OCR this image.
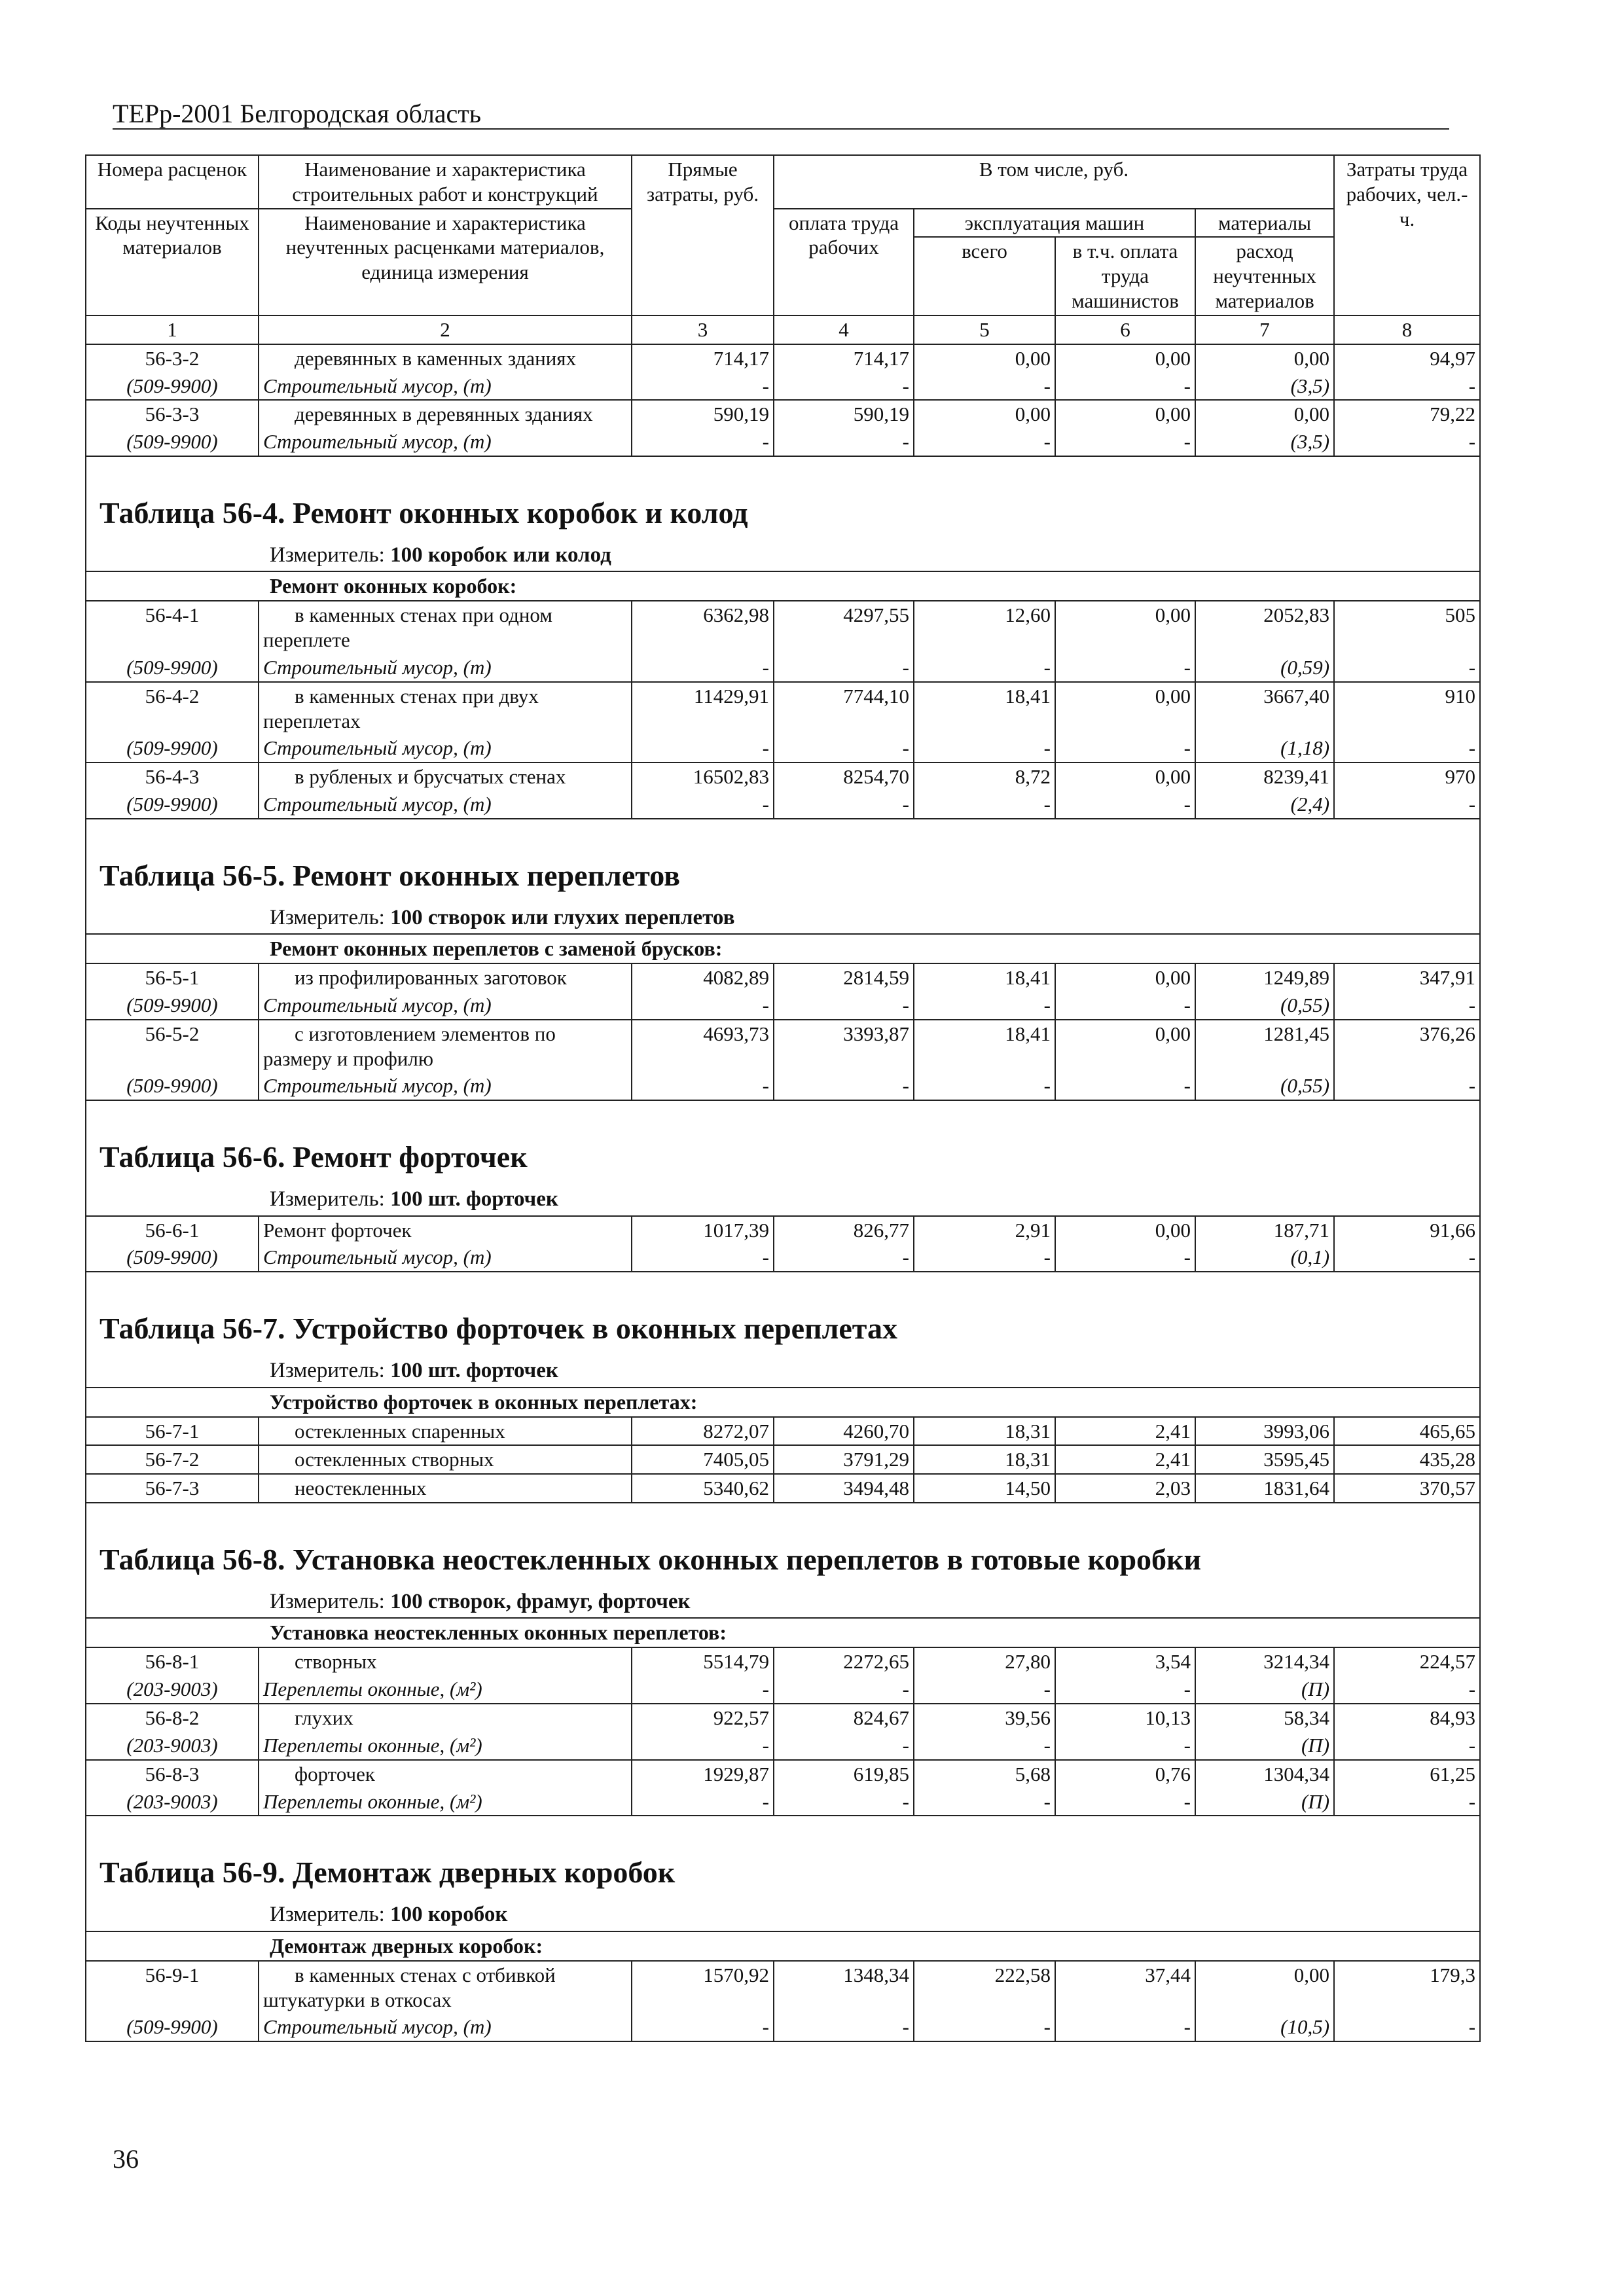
ТЕРр-2001 Белгородская область
Номера расценок	Наименование и характеристика строительных работ и конструкций	Прямые затраты, руб.	В том числе, руб.				Затраты труда рабочих, чел.-ч.
Коды неучтенных материалов	Наименование и характеристика неучтенных расценками материалов, единица измерения		оплата труда рабочих	эксплуатация машин		материалы	
				всего	в т.ч. оплата труда машинистов	расход неучтенных материалов	
1	2	3	4	5	6	7	8
56-3-2	деревянных в каменных зданиях	714,17	714,17	0,00	0,00	0,00	94,97
(509-9900)	Строительный мусор, (т)	-	-	-	-	(3,5)	-
56-3-3	деревянных в деревянных зданиях	590,19	590,19	0,00	0,00	0,00	79,22
(509-9900)	Строительный мусор, (т)	-	-	-	-	(3,5)	-
Таблица 56-4. Ремонт оконных коробок и колод							
Измеритель: 100 коробок или колод							
Ремонт оконных коробок:							
56-4-1	в каменных стенах при одном переплете	6362,98	4297,55	12,60	0,00	2052,83	505
(509-9900)	Строительный мусор, (т)	-	-	-	-	(0,59)	-
56-4-2	в каменных стенах при двух переплетах	11429,91	7744,10	18,41	0,00	3667,40	910
(509-9900)	Строительный мусор, (т)	-	-	-	-	(1,18)	-
56-4-3	в рубленых и брусчатых стенах	16502,83	8254,70	8,72	0,00	8239,41	970
(509-9900)	Строительный мусор, (т)	-	-	-	-	(2,4)	-
Таблица 56-5. Ремонт оконных переплетов							
Измеритель: 100 створок или глухих переплетов							
Ремонт оконных переплетов с заменой брусков:							
56-5-1	из профилированных заготовок	4082,89	2814,59	18,41	0,00	1249,89	347,91
(509-9900)	Строительный мусор, (т)	-	-	-	-	(0,55)	-
56-5-2	с изготовлением элементов по размеру и профилю	4693,73	3393,87	18,41	0,00	1281,45	376,26
(509-9900)	Строительный мусор, (т)	-	-	-	-	(0,55)	-
Таблица 56-6. Ремонт форточек							
Измеритель: 100 шт. форточек							
56-6-1	Ремонт форточек	1017,39	826,77	2,91	0,00	187,71	91,66
(509-9900)	Строительный мусор, (т)	-	-	-	-	(0,1)	-
Таблица 56-7. Устройство форточек в оконных переплетах							
Измеритель: 100 шт. форточек							
Устройство форточек в оконных переплетах:							
56-7-1	остекленных спаренных	8272,07	4260,70	18,31	2,41	3993,06	465,65
56-7-2	остекленных створных	7405,05	3791,29	18,31	2,41	3595,45	435,28
56-7-3	неостекленных	5340,62	3494,48	14,50	2,03	1831,64	370,57
Таблица 56-8. Установка неостекленных оконных переплетов в готовые коробки							
Измеритель: 100 створок, фрамуг, форточек							
Установка неостекленных оконных переплетов:							
56-8-1	створных	5514,79	2272,65	27,80	3,54	3214,34	224,57
(203-9003)	Переплеты оконные, (м²)	-	-	-	-	(П)	-
56-8-2	глухих	922,57	824,67	39,56	10,13	58,34	84,93
(203-9003)	Переплеты оконные, (м²)	-	-	-	-	(П)	-
56-8-3	форточек	1929,87	619,85	5,68	0,76	1304,34	61,25
(203-9003)	Переплеты оконные, (м²)	-	-	-	-	(П)	-
Таблица 56-9. Демонтаж дверных коробок							
Измеритель: 100 коробок							
Демонтаж дверных коробок:							
56-9-1	в каменных стенах с отбивкой штукатурки в откосах	1570,92	1348,34	222,58	37,44	0,00	179,3
(509-9900)	Строительный мусор, (т)	-	-	-	-	(10,5)	-
36
